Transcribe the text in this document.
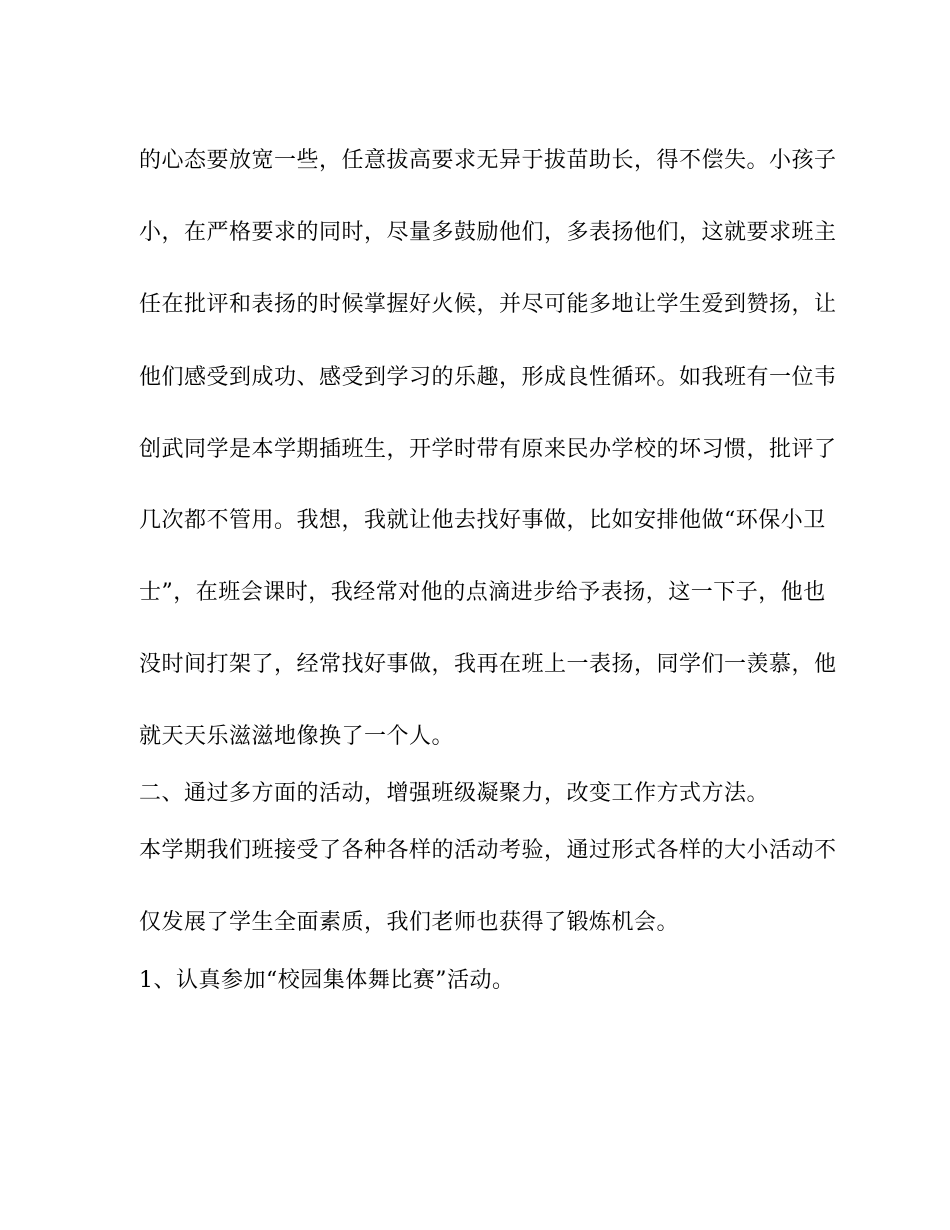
的心态要放宽一些，任意拔高要求无异于拔苗助长，得不偿失。小孩子
小，在严格要求的同时，尽量多鼓励他们，多表扬他们，这就要求班主
任在批评和表扬的时候掌握好火候，并尽可能多地让学生爱到赞扬，让
他们感受到成功、感受到学习的乐趣，形成良性循环。如我班有一位韦
创武同学是本学期插班生，开学时带有原来民办学校的坏习惯，批评了
几次都不管用。我想，我就让他去找好事做，比如安排他做“环保小卫
士”，在班会课时，我经常对他的点滴进步给予表扬，这一下子，他也
没时间打架了，经常找好事做，我再在班上一表扬，同学们一羡慕，他
就天天乐滋滋地像换了一个人。
二、通过多方面的活动，增强班级凝聚力，改变工作方式方法。
本学期我们班接受了各种各样的活动考验，通过形式各样的大小活动不
仅发展了学生全面素质，我们老师也获得了锻炼机会。
1、认真参加“校园集体舞比赛”活动。
